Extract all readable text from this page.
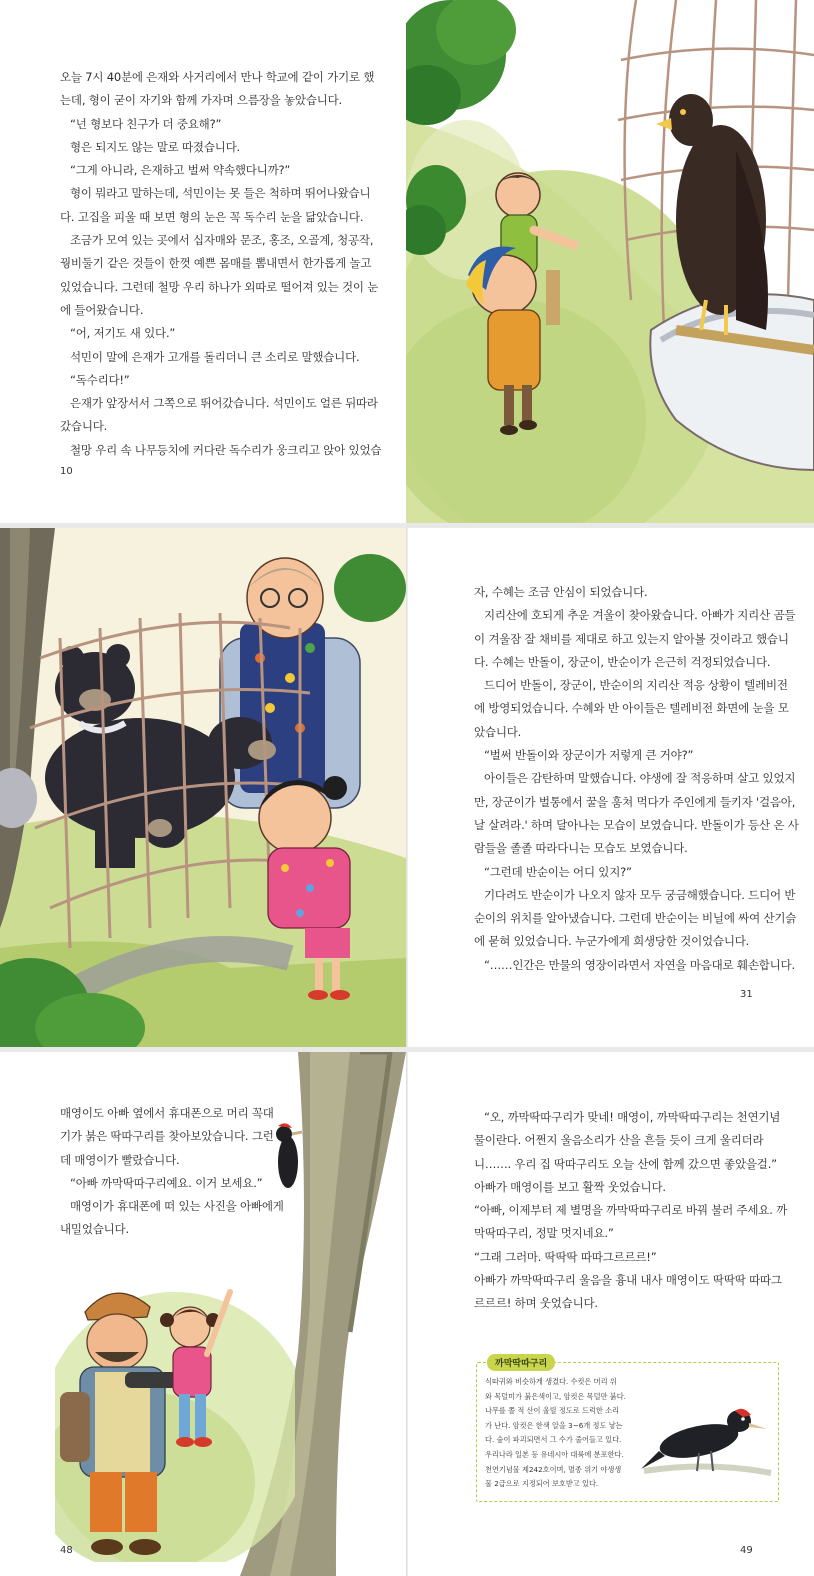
오늘 7시 40분에 은재와 사거리에서 만나 학교에 같이 가기로 했

는데, 형이 굳이 자기와 함께 가자며 으름장을 놓았습니다.

“넌 형보다 친구가 더 중요해?”

형은 되지도 않는 말로 따졌습니다.

“그게 아니라, 은재하고 벌써 약속했다니까?”

형이 뭐라고 말하는데, 석민이는 못 들은 척하며 뛰어나왔습니

다. 고집을 피울 때 보면 형의 눈은 꼭 독수리 눈을 닮았습니다.

조금가 모여 있는 곳에서 십자매와 문조, 홍조, 오골계, 청공작,

꿩비둘기 같은 것들이 한껏 예쁜 몸매를 뽐내면서 한가롭게 놀고

있었습니다. 그런데 철망 우리 하나가 외따로 떨어져 있는 것이 눈

에 들어왔습니다.

“어, 저기도 새 있다.”

석민이 말에 은재가 고개를 돌리더니 큰 소리로 말했습니다.

“독수리다!”

은재가 앞장서서 그쪽으로 뛰어갔습니다. 석민이도 얼른 뒤따라

갔습니다.

철망 우리 속 나무등치에 커다란 독수리가 웅크리고 앉아 있었습

10

자, 수혜는 조금 안심이 되었습니다.

지리산에 호되게 추운 겨울이 찾아왔습니다. 아빠가 지리산 곰들

이 겨울잠 잘 채비를 제대로 하고 있는지 알아볼 것이라고 했습니

다. 수혜는 반돌이, 장군이, 반순이가 은근히 걱정되었습니다.

드디어 반돌이, 장군이, 반순이의 지리산 적응 상황이 텔레비전

에 방영되었습니다. 수혜와 반 아이들은 텔레비전 화면에 눈을 모

았습니다.

“벌써 반돌이와 장군이가 저렇게 큰 거야?”

아이들은 감탄하며 말했습니다. 야생에 잘 적응하며 살고 있었지

만, 장군이가 벌통에서 꿀을 훔쳐 먹다가 주인에게 들키자 '걸음아,

날 살려라.' 하며 달아나는 모습이 보였습니다. 반돌이가 등산 온 사

람들을 졸졸 따라다니는 모습도 보였습니다.

“그런데 반순이는 어디 있지?”

기다려도 반순이가 나오지 않자 모두 궁금해했습니다. 드디어 반

순이의 위치를 알아냈습니다. 그런데 반순이는 비닐에 싸여 산기슭

에 묻혀 있었습니다. 누군가에게 희생당한 것이었습니다.

“……인간은 만물의 영장이라면서 자연을 마음대로 훼손합니다.

31

매영이도 아빠 옆에서 휴대폰으로 머리 꼭대

기가 붉은 딱따구리를 찾아보았습니다. 그런

데 매영이가 빨랐습니다.

“아빠 까막딱따구리예요. 이거 보세요.”

매영이가 휴대폰에 떠 있는 사진을 아빠에게

내밀었습니다.

48

“오, 까막딱따구리가 맞네! 매영이, 까막딱따구리는 천연기념

물이란다. 어쩐지 울음소리가 산을 흔들 듯이 크게 울리더라

니……. 우리 집 딱따구리도 오늘 산에 함께 갔으면 좋았을걸.”

아빠가 매영이를 보고 활짝 웃었습니다.

“아빠, 이제부터 제 별명을 까막딱따구리로 바꿔 불러 주세요. 까

막딱따구리, 정말 멋지네요.”

“그래 그러마. 딱딱딱 따따그르르르!”

아빠가 까막딱따구리 울음을 흉내 내사 매영이도 딱딱딱 따따그

르르르! 하며 웃었습니다.

49
까막딱따구리

식따귀와 비슷하게 생겼다. 수컷은 머리 위

와 목덜미가 붉은색이고, 암컷은 목덜만 붉다.

나무를 쫄 적 산이 울릴 정도로 드럭한 소리

가 난다. 암컷은 한색 알을 3~6개 정도 낳는

다. 숲이 파괴되면서 그 수가 줄어들고 있다.

우리나라 일본 등 유네시아 대륙에 분포한다.

천연기념물 제242호이며, 멸종 위기 야생생

물 2급으로 지정되어 보호받고 있다.
